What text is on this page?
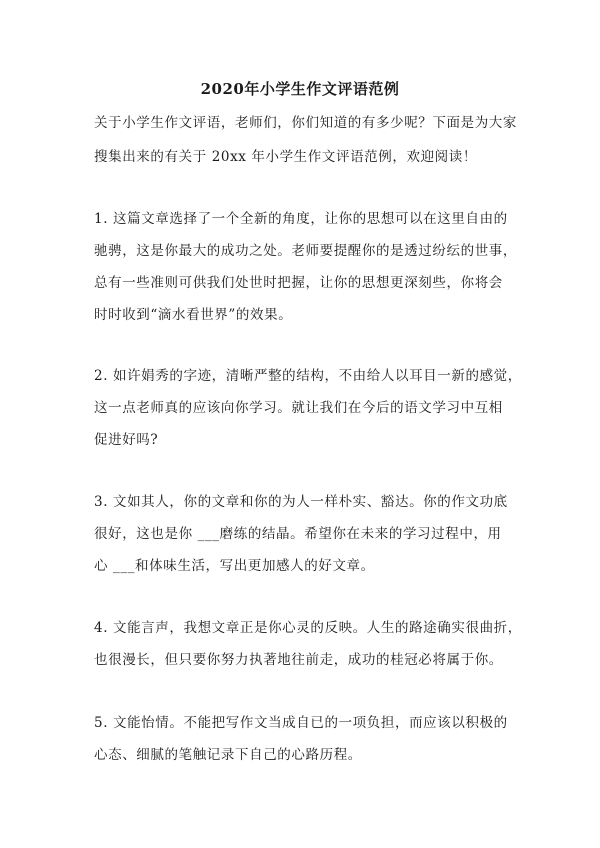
2020年小学生作文评语范例
关于小学生作文评语，老师们，你们知道的有多少呢？下面是为大家
搜集出来的有关于 20xx 年小学生作文评语范例，欢迎阅读！
1. 这篇文章选择了一个全新的角度，让你的思想可以在这里自由的
驰骋，这是你最大的成功之处。老师要提醒你的是透过纷纭的世事，
总有一些准则可供我们处世时把握，让你的思想更深刻些，你将会
时时收到“滴水看世界”的效果。
2. 如许娟秀的字迹，清晰严整的结构，不由给人以耳目一新的感觉，
这一点老师真的应该向你学习。就让我们在今后的语文学习中互相
促进好吗?
3. 文如其人，你的文章和你的为人一样朴实、豁达。你的作文功底
很好，这也是你 ___磨练的结晶。希望你在未来的学习过程中，用
心 ___和体味生活，写出更加感人的好文章。
4. 文能言声，我想文章正是你心灵的反映。人生的路途确实很曲折，
也很漫长，但只要你努力执著地往前走，成功的桂冠必将属于你。
5. 文能怡情。不能把写作文当成自已的一项负担，而应该以积极的
心态、细腻的笔触记录下自己的心路历程。
